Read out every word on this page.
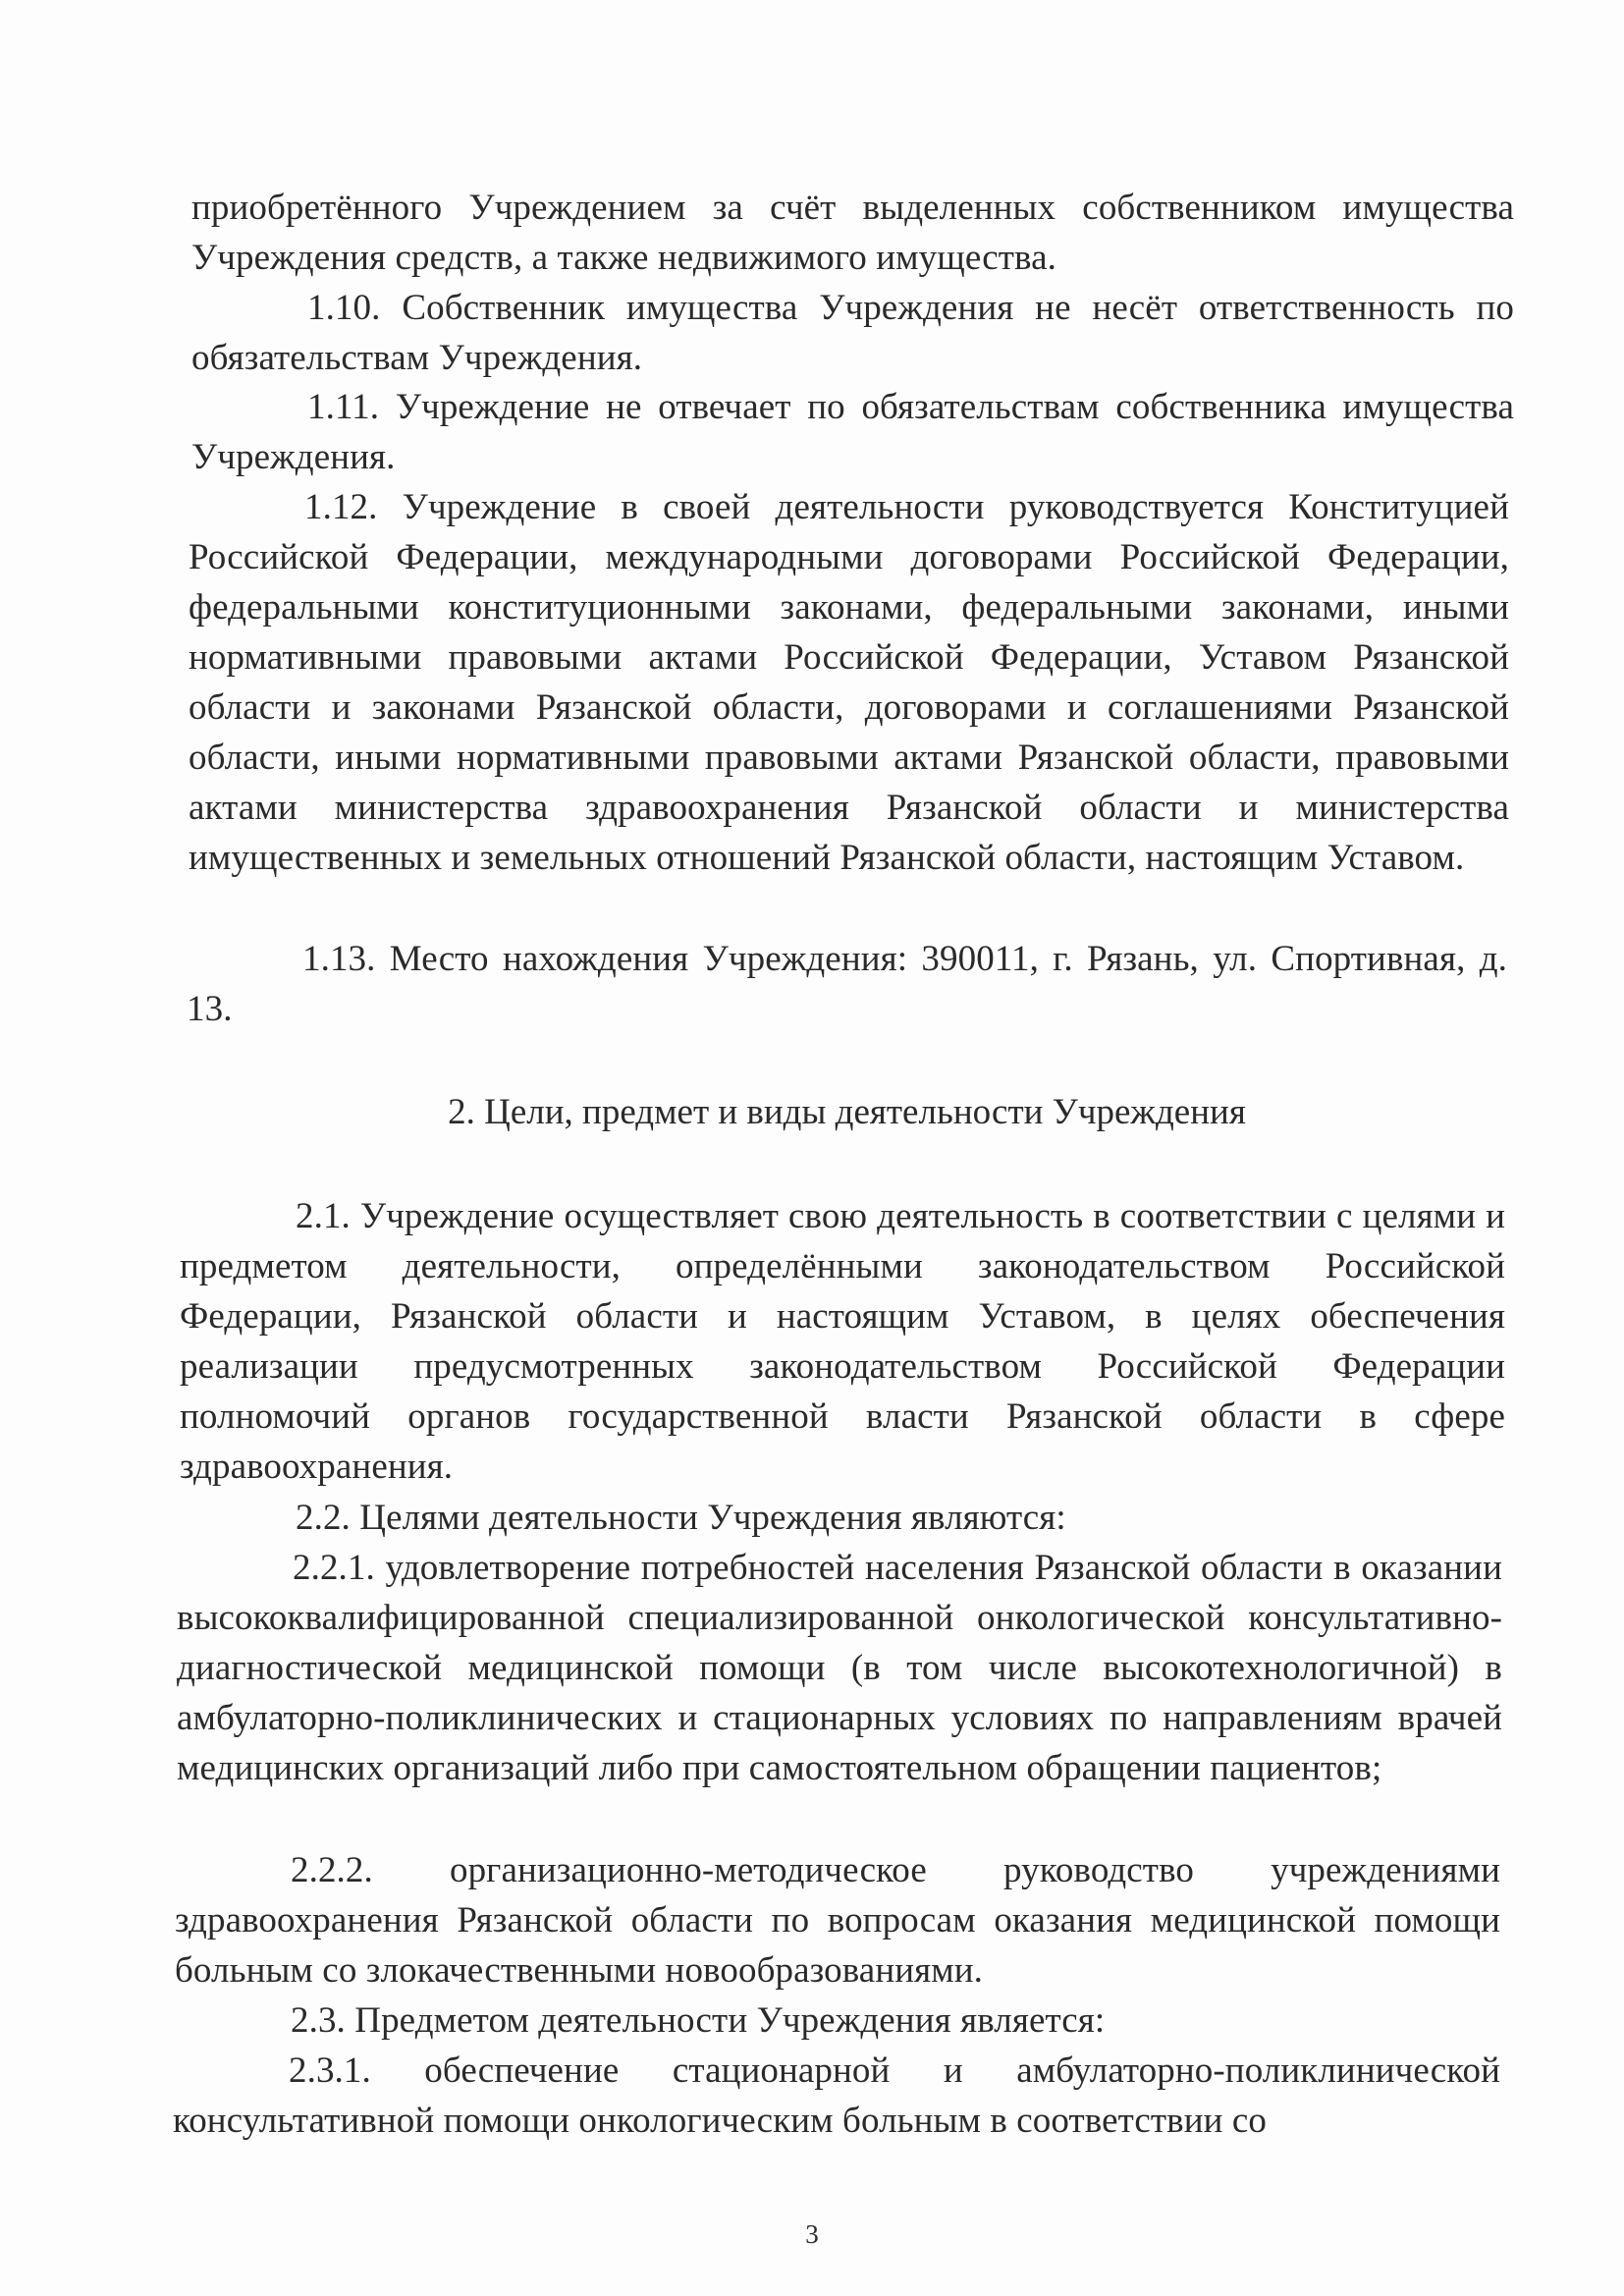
приобретённого Учреждением за счёт выделенных собственником имущества Учреждения средств, а также недвижимого имущества.

1.10. Собственник имущества Учреждения не несёт ответственность по обязательствам Учреждения.

1.11. Учреждение не отвечает по обязательствам собственника имущества Учреждения.

1.12. Учреждение в своей деятельности руководствуется Конституцией Российской Федерации, международными договорами Российской Федерации, федеральными конституционными законами, федеральными законами, иными нормативными правовыми актами Российской Федерации, Уставом Рязанской области и законами Рязанской области, договорами и соглашениями Рязанской области, иными нормативными правовыми актами Рязанской области, правовыми актами министерства здравоохранения Рязанской области и министерства имущественных и земельных отношений Рязанской области, настоящим Уставом.

1.13. Место нахождения Учреждения: 390011, г. Рязань, ул. Спортивная, д. 13.

2. Цели, предмет и виды деятельности Учреждения

2.1. Учреждение осуществляет свою деятельность в соответствии с целями и предметом деятельности, определёнными законодательством Российской Федерации, Рязанской области и настоящим Уставом, в целях обеспечения реализации предусмотренных законодательством Российской Федерации полномочий органов государственной власти Рязанской области в сфере здравоохранения.

2.2. Целями деятельности Учреждения являются:

2.2.1. удовлетворение потребностей населения Рязанской области в оказании высококвалифицированной специализированной онкологической консультативно-диагностической медицинской помощи (в том числе высокотехнологичной) в амбулаторно-поликлинических и стационарных условиях по направлениям врачей медицинских организаций либо при самостоятельном обращении пациентов;

2.2.2. организационно-методическое руководство учреждениями здравоохранения Рязанской области по вопросам оказания медицинской помощи больным со злокачественными новообразованиями.

2.3. Предметом деятельности Учреждения является:

2.3.1. обеспечение стационарной и амбулаторно-поликлинической консультативной помощи онкологическим больным в соответствии со

3
